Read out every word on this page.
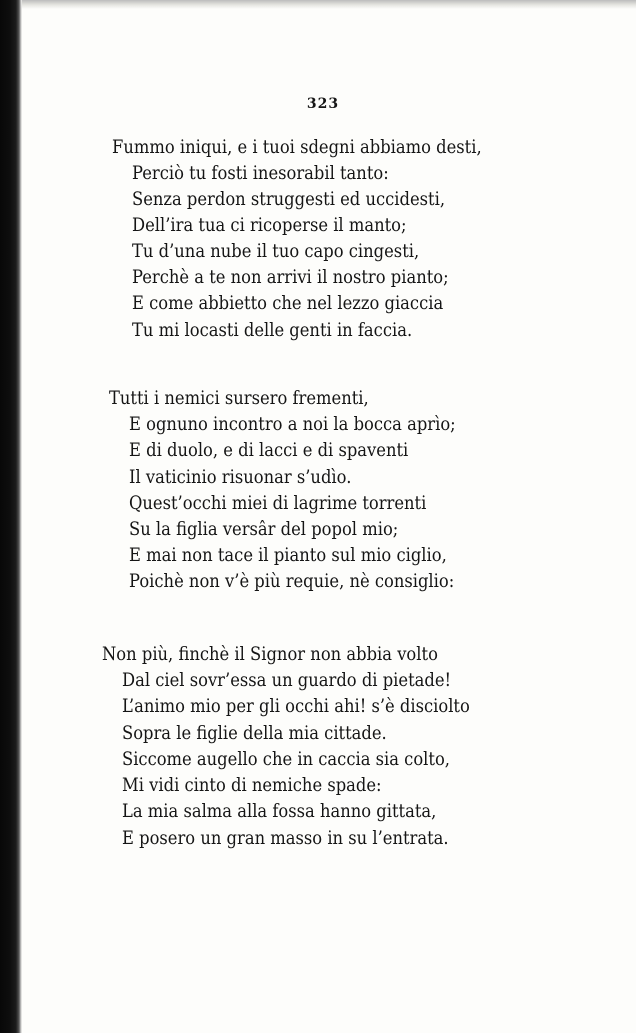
323
Fummo iniqui, e i tuoi sdegni abbiamo desti,
Perciò tu fosti inesorabil tanto:
Senza perdon struggesti ed uccidesti,
Dell’ira tua ci ricoperse il manto;
Tu d’una nube il tuo capo cingesti,
Perchè a te non arrivi il nostro pianto;
E come abbietto che nel lezzo giaccia
Tu mi locasti delle genti in faccia.
Tutti i nemici sursero frementi,
E ognuno incontro a noi la bocca aprìo;
E di duolo, e di lacci e di spaventi
Il vaticinio risuonar s’udìo.
Quest’occhi miei di lagrime torrenti
Su la figlia versâr del popol mio;
E mai non tace il pianto sul mio ciglio,
Poichè non v’è più requie, nè consiglio:
Non più, finchè il Signor non abbia volto
Dal ciel sovr’essa un guardo di pietade!
L’animo mio per gli occhi ahi! s’è disciolto
Sopra le figlie della mia cittade.
Siccome augello che in caccia sia colto,
Mi vidi cinto di nemiche spade:
La mia salma alla fossa hanno gittata,
E posero un gran masso in su l’entrata.
